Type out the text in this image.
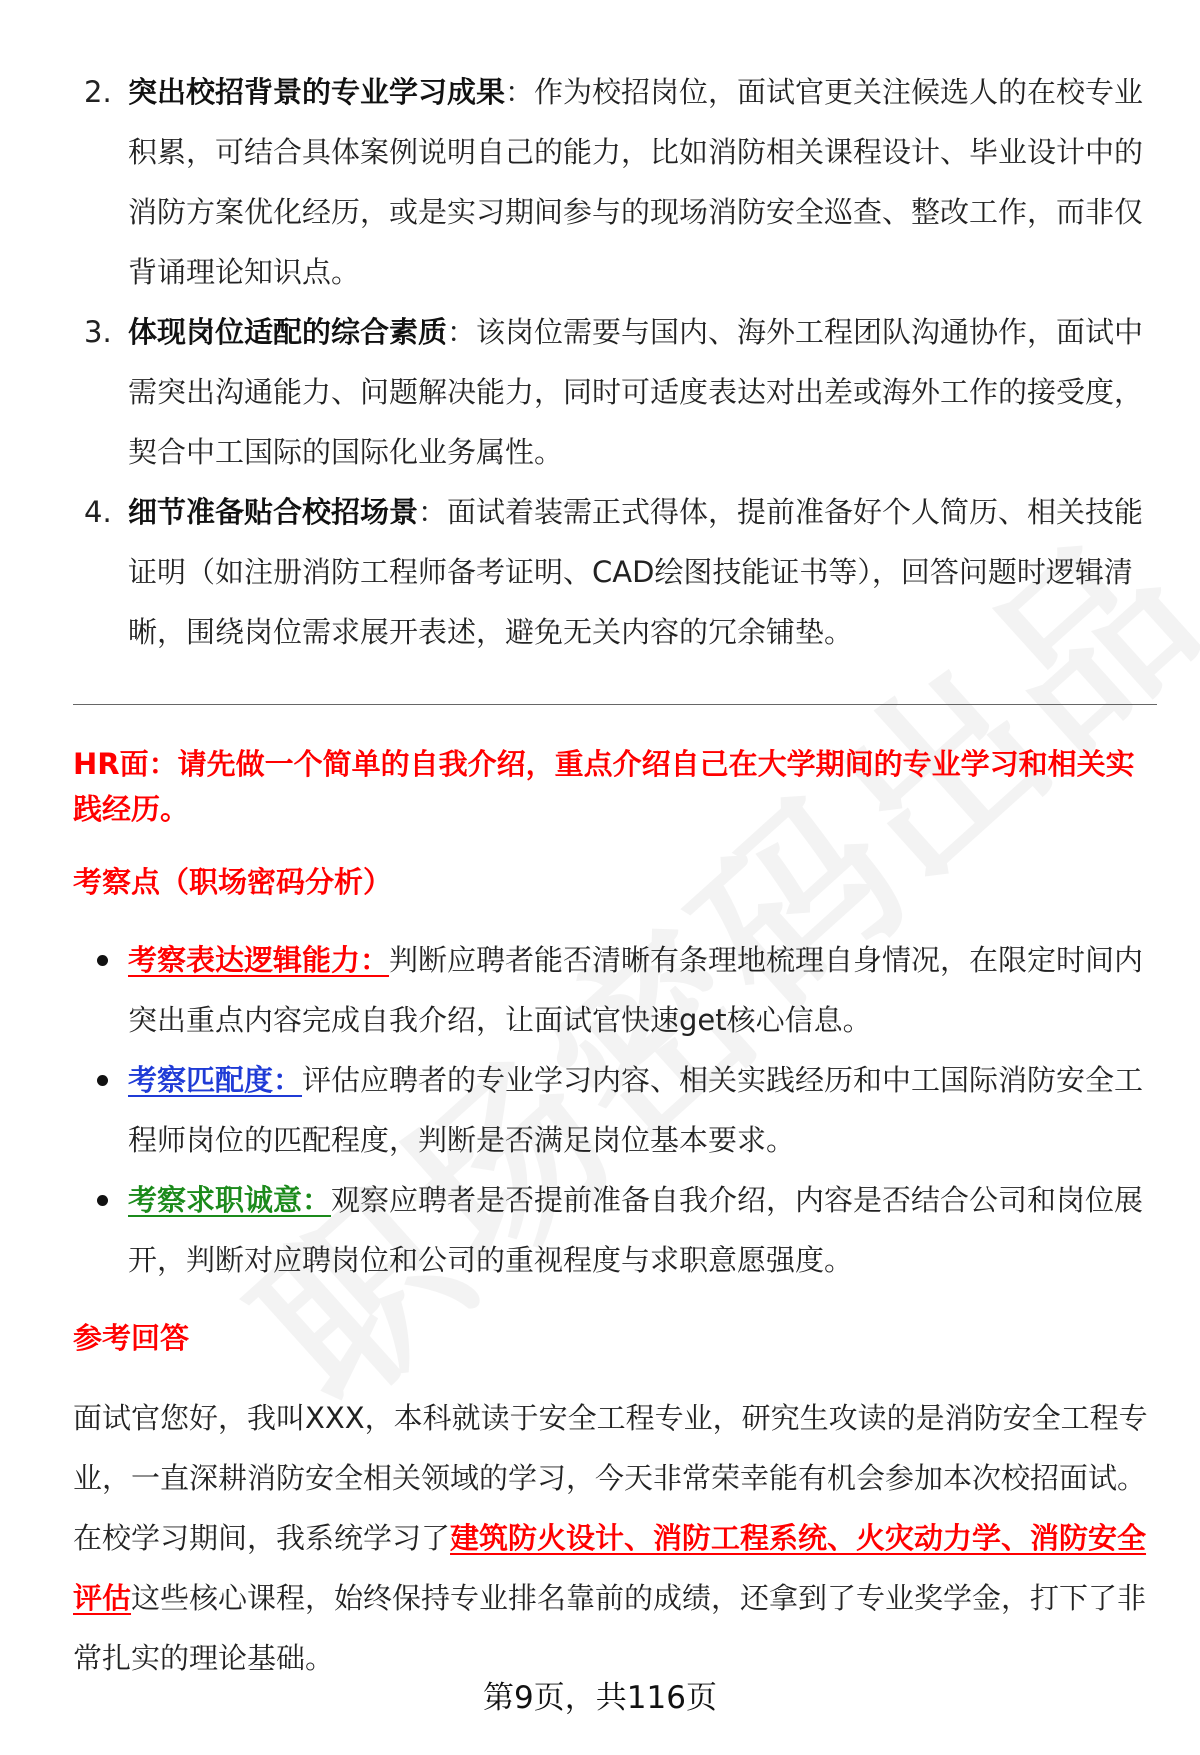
2. 突出校招背景的专业学习成果：作为校招岗位，面试官更关注候选人的在校专业积累，可结合具体案例说明自己的能力，比如消防相关课程设计、毕业设计中的消防方案优化经历，或是实习期间参与的现场消防安全巡查、整改工作，而非仅背诵理论知识点。
3. 体现岗位适配的综合素质：该岗位需要与国内、海外工程团队沟通协作，面试中需突出沟通能力、问题解决能力，同时可适度表达对出差或海外工作的接受度，契合中工国际的国际化业务属性。
4. 细节准备贴合校招场景：面试着装需正式得体，提前准备好个人简历、相关技能证明（如注册消防工程师备考证明、CAD绘图技能证书等），回答问题时逻辑清晰，围绕岗位需求展开表述，避免无关内容的冗余铺垫。
HR面：请先做一个简单的自我介绍，重点介绍自己在大学期间的专业学习和相关实践经历。
考察点（职场密码分析）
考察表达逻辑能力：判断应聘者能否清晰有条理地梳理自身情况，在限定时间内突出重点内容完成自我介绍，让面试官快速get核心信息。
考察匹配度：评估应聘者的专业学习内容、相关实践经历和中工国际消防安全工程师岗位的匹配程度，判断是否满足岗位基本要求。
考察求职诚意：观察应聘者是否提前准备自我介绍，内容是否结合公司和岗位展开，判断对应聘岗位和公司的重视程度与求职意愿强度。
参考回答
面试官您好，我叫XXX，本科就读于安全工程专业，研究生攻读的是消防安全工程专业，一直深耕消防安全相关领域的学习，今天非常荣幸能有机会参加本次校招面试。在校学习期间，我系统学习了建筑防火设计、消防工程系统、火灾动力学、消防安全评估这些核心课程，始终保持专业排名靠前的成绩，还拿到了专业奖学金，打下了非常扎实的理论基础。
第9页，共116页
